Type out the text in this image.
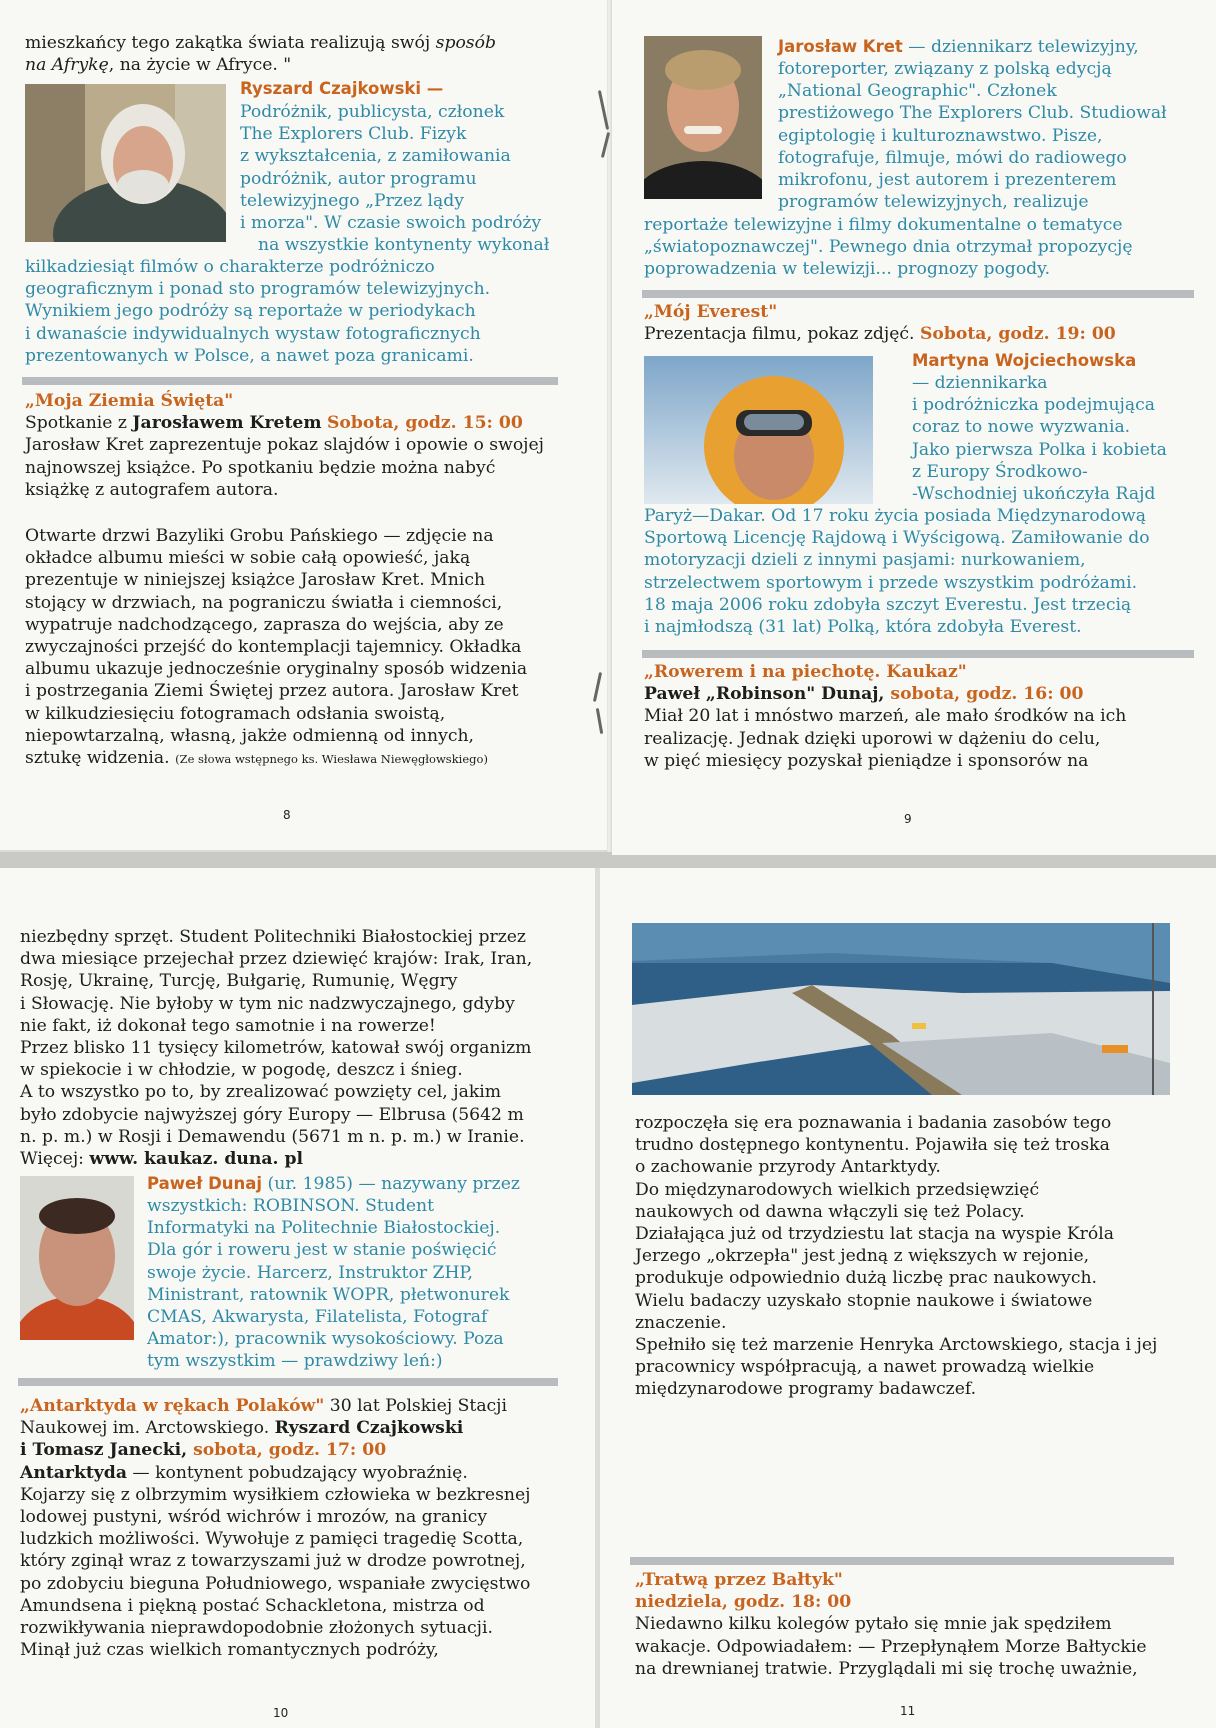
mieszkańcy tego zakątka świata realizują swój sposób

na Afrykę, na życie w Afryce. "

Ryszard Czajkowski —

Podróżnik, publicysta, członek

The Explorers Club. Fizyk

z wykształcenia, z zamiłowania

podróżnik, autor programu

telewizyjnego „Przez lądy

i morza". W czasie swoich podróży

na wszystkie kontynenty wykonał

kilkadziesiąt filmów o charakterze podróżniczo

geograficznym i ponad sto programów telewizyjnych.

Wynikiem jego podróży są reportaże w periodykach

i dwanaście indywidualnych wystaw fotograficznych

prezentowanych w Polsce, a nawet poza granicami.

„Moja Ziemia Święta"

Spotkanie z Jarosławem Kretem Sobota, godz. 15: 00

Jarosław Kret zaprezentuje pokaz slajdów i opowie o swojej

najnowszej książce. Po spotkaniu będzie można nabyć

książkę z autografem autora.

Otwarte drzwi Bazyliki Grobu Pańskiego — zdjęcie na

okładce albumu mieści w sobie całą opowieść, jaką

prezentuje w niniejszej książce Jarosław Kret. Mnich

stojący w drzwiach, na pograniczu światła i ciemności,

wypatruje nadchodzącego, zaprasza do wejścia, aby ze

zwyczajności przejść do kontemplacji tajemnicy. Okładka

albumu ukazuje jednocześnie oryginalny sposób widzenia

i postrzegania Ziemi Świętej przez autora. Jarosław Kret

w kilkudziesięciu fotogramach odsłania swoistą,

niepowtarzalną, własną, jakże odmienną od innych,

sztukę widzenia. (Ze słowa wstępnego ks. Wiesława Niewęgłowskiego)

8

Jarosław Kret — dziennikarz telewizyjny,

fotoreporter, związany z polską edycją

„National Geographic". Członek

prestiżowego The Explorers Club. Studiował

egiptologię i kulturoznawstwo. Pisze,

fotografuje, filmuje, mówi do radiowego

mikrofonu, jest autorem i prezenterem

programów telewizyjnych, realizuje

reportaże telewizyjne i filmy dokumentalne o tematyce

„światopoznawczej". Pewnego dnia otrzymał propozycję

poprowadzenia w telewizji... prognozy pogody.

„Mój Everest"

Prezentacja filmu, pokaz zdjęć. Sobota, godz. 19: 00

Martyna Wojciechowska

— dziennikarka

i podróżniczka podejmująca

coraz to nowe wyzwania.

Jako pierwsza Polka i kobieta

z Europy Środkowo-

-Wschodniej ukończyła Rajd

Paryż—Dakar. Od 17 roku życia posiada Międzynarodową

Sportową Licencję Rajdową i Wyścigową. Zamiłowanie do

motoryzacji dzieli z innymi pasjami: nurkowaniem,

strzelectwem sportowym i przede wszystkim podróżami.

18 maja 2006 roku zdobyła szczyt Everestu. Jest trzecią

i najmłodszą (31 lat) Polką, która zdobyła Everest.

„Rowerem i na piechotę. Kaukaz"

Paweł „Robinson" Dunaj, sobota, godz. 16: 00

Miał 20 lat i mnóstwo marzeń, ale mało środków na ich

realizację. Jednak dzięki uporowi w dążeniu do celu,

w pięć miesięcy pozyskał pieniądze i sponsorów na

9

niezbędny sprzęt. Student Politechniki Białostockiej przez

dwa miesiące przejechał przez dziewięć krajów: Irak, Iran,

Rosję, Ukrainę, Turcję, Bułgarię, Rumunię, Węgry

i Słowację. Nie byłoby w tym nic nadzwyczajnego, gdyby

nie fakt, iż dokonał tego samotnie i na rowerze!

Przez blisko 11 tysięcy kilometrów, katował swój organizm

w spiekocie i w chłodzie, w pogodę, deszcz i śnieg.

A to wszystko po to, by zrealizować powzięty cel, jakim

było zdobycie najwyższej góry Europy — Elbrusa (5642 m

n. p. m.) w Rosji i Demawendu (5671 m n. p. m.) w Iranie.

Więcej: www. kaukaz. duna. pl

Paweł Dunaj (ur. 1985) — nazywany przez

wszystkich: ROBINSON. Student

Informatyki na Politechnie Białostockiej.

Dla gór i roweru jest w stanie poświęcić

swoje życie. Harcerz, Instruktor ZHP,

Ministrant, ratownik WOPR, płetwonurek

CMAS, Akwarysta, Filatelista, Fotograf

Amator:), pracownik wysokościowy. Poza

tym wszystkim — prawdziwy leń:)

„Antarktyda w rękach Polaków" 30 lat Polskiej Stacji

Naukowej im. Arctowskiego. Ryszard Czajkowski

i Tomasz Janecki, sobota, godz. 17: 00

Antarktyda — kontynent pobudzający wyobraźnię.

Kojarzy się z olbrzymim wysiłkiem człowieka w bezkresnej

lodowej pustyni, wśród wichrów i mrozów, na granicy

ludzkich możliwości. Wywołuje z pamięci tragedię Scotta,

który zginął wraz z towarzyszami już w drodze powrotnej,

po zdobyciu bieguna Południowego, wspaniałe zwycięstwo

Amundsena i piękną postać Schackletona, mistrza od

rozwikływania nieprawdopodobnie złożonych sytuacji.

Minął już czas wielkich romantycznych podróży,

10

rozpoczęła się era poznawania i badania zasobów tego

trudno dostępnego kontynentu. Pojawiła się też troska

o zachowanie przyrody Antarktydy.

Do międzynarodowych wielkich przedsięwzięć

naukowych od dawna włączyli się też Polacy.

Działająca już od trzydziestu lat stacja na wyspie Króla

Jerzego „okrzepła" jest jedną z większych w rejonie,

produkuje odpowiednio dużą liczbę prac naukowych.

Wielu badaczy uzyskało stopnie naukowe i światowe

znaczenie.

Spełniło się też marzenie Henryka Arctowskiego, stacja i jej

pracownicy współpracują, a nawet prowadzą wielkie

międzynarodowe programy badawczef.

„Tratwą przez Bałtyk"

niedziela, godz. 18: 00

Niedawno kilku kolegów pytało się mnie jak spędziłem

wakacje. Odpowiadałem: — Przepłynąłem Morze Bałtyckie

na drewnianej tratwie. Przyglądali mi się trochę uważnie,

11
